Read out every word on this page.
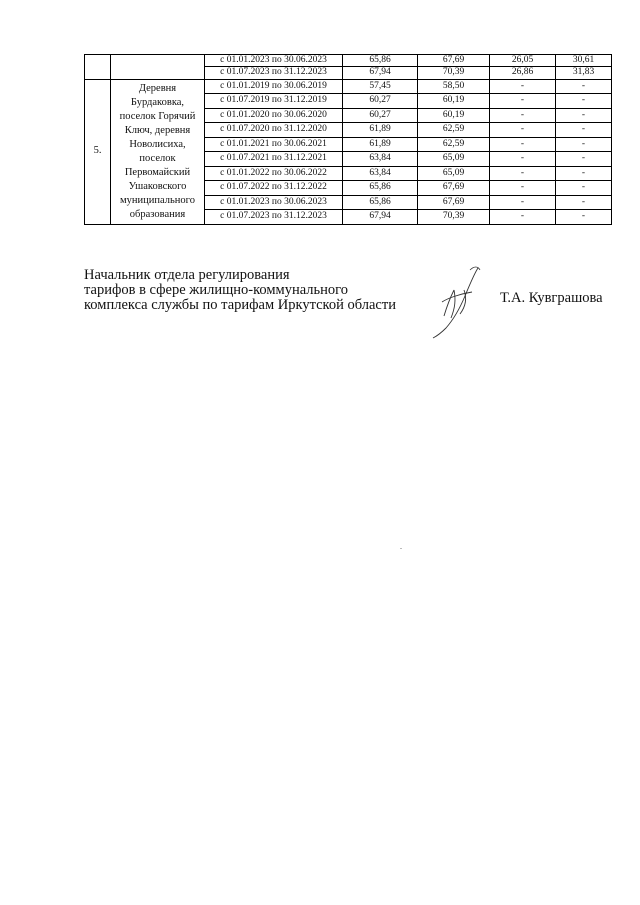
		с 01.01.2023 по 30.06.2023	65,86	67,69	26,05	30,61
		с 01.07.2023 по 31.12.2023	67,94	70,39	26,86	31,83
5.	Деревня Бурдаковка, поселок Горячий Ключ, деревня Новолисиха, поселок Первомайский Ушаковского муниципального образования	с 01.01.2019 по 30.06.2019	57,45	58,50	-	-
		с 01.07.2019 по 31.12.2019	60,27	60,19	-	-
		с 01.01.2020 по 30.06.2020	60,27	60,19	-	-
		с 01.07.2020 по 31.12.2020	61,89	62,59	-	-
		с 01.01.2021 по 30.06.2021	61,89	62,59	-	-
		с 01.07.2021 по 31.12.2021	63,84	65,09	-	-
		с 01.01.2022 по 30.06.2022	63,84	65,09	-	-
		с 01.07.2022 по 31.12.2022	65,86	67,69	-	-
		с 01.01.2023 по 30.06.2023	65,86	67,69	-	-
		с 01.07.2023 по 31.12.2023	67,94	70,39	-	-
Начальник отдела регулирования
тарифов в сфере жилищно-коммунального
комплекса службы по тарифам Иркутской области	Т.А. Кувграшова
